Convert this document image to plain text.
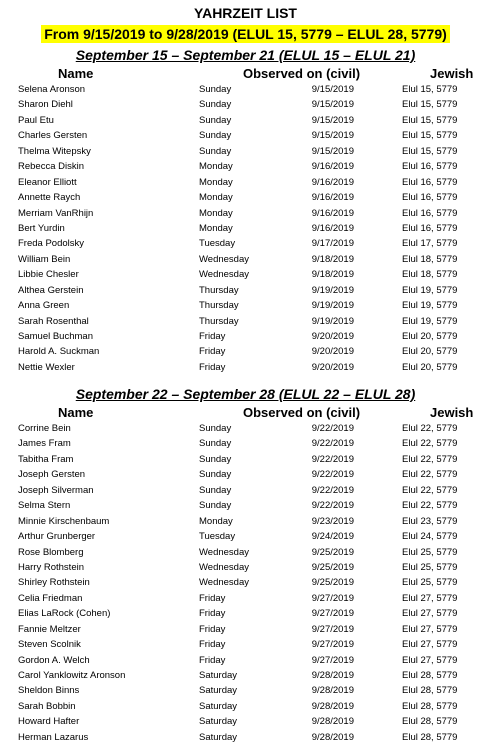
YAHRZEIT LIST
From 9/15/2019 to 9/28/2019 (ELUL 15, 5779 – ELUL 28, 5779)
September 15 – September 21 (ELUL 15 – ELUL 21)
Name	Observed on (civil)	Jewish
Selena Aronson	Sunday	9/15/2019	Elul 15, 5779
Sharon Diehl	Sunday	9/15/2019	Elul 15, 5779
Paul Etu	Sunday	9/15/2019	Elul 15, 5779
Charles Gersten	Sunday	9/15/2019	Elul 15, 5779
Thelma Witepsky	Sunday	9/15/2019	Elul 15, 5779
Rebecca Diskin	Monday	9/16/2019	Elul 16, 5779
Eleanor Elliott	Monday	9/16/2019	Elul 16, 5779
Annette Raych	Monday	9/16/2019	Elul 16, 5779
Merriam VanRhijn	Monday	9/16/2019	Elul 16, 5779
Bert Yurdin	Monday	9/16/2019	Elul 16, 5779
Freda Podolsky	Tuesday	9/17/2019	Elul 17, 5779
William Bein	Wednesday	9/18/2019	Elul 18, 5779
Libbie Chesler	Wednesday	9/18/2019	Elul 18, 5779
Althea Gerstein	Thursday	9/19/2019	Elul 19, 5779
Anna Green	Thursday	9/19/2019	Elul 19, 5779
Sarah Rosenthal	Thursday	9/19/2019	Elul 19, 5779
Samuel Buchman	Friday	9/20/2019	Elul 20, 5779
Harold A. Suckman	Friday	9/20/2019	Elul 20, 5779
Nettie Wexler	Friday	9/20/2019	Elul 20, 5779
September 22 – September 28 (ELUL 22 – ELUL 28)
Name	Observed on (civil)	Jewish
Corrine Bein	Sunday	9/22/2019	Elul 22, 5779
James Fram	Sunday	9/22/2019	Elul 22, 5779
Tabitha Fram	Sunday	9/22/2019	Elul 22, 5779
Joseph Gersten	Sunday	9/22/2019	Elul 22, 5779
Joseph Silverman	Sunday	9/22/2019	Elul 22, 5779
Selma Stern	Sunday	9/22/2019	Elul 22, 5779
Minnie Kirschenbaum	Monday	9/23/2019	Elul 23, 5779
Arthur Grunberger	Tuesday	9/24/2019	Elul 24, 5779
Rose Blomberg	Wednesday	9/25/2019	Elul 25, 5779
Harry Rothstein	Wednesday	9/25/2019	Elul 25, 5779
Shirley Rothstein	Wednesday	9/25/2019	Elul 25, 5779
Celia Friedman	Friday	9/27/2019	Elul 27, 5779
Elias LaRock (Cohen)	Friday	9/27/2019	Elul 27, 5779
Fannie Meltzer	Friday	9/27/2019	Elul 27, 5779
Steven Scolnik	Friday	9/27/2019	Elul 27, 5779
Gordon A. Welch	Friday	9/27/2019	Elul 27, 5779
Carol Yanklowitz Aronson	Saturday	9/28/2019	Elul 28, 5779
Sheldon Binns	Saturday	9/28/2019	Elul 28, 5779
Sarah Bobbin	Saturday	9/28/2019	Elul 28, 5779
Howard Hafter	Saturday	9/28/2019	Elul 28, 5779
Herman Lazarus	Saturday	9/28/2019	Elul 28, 5779
